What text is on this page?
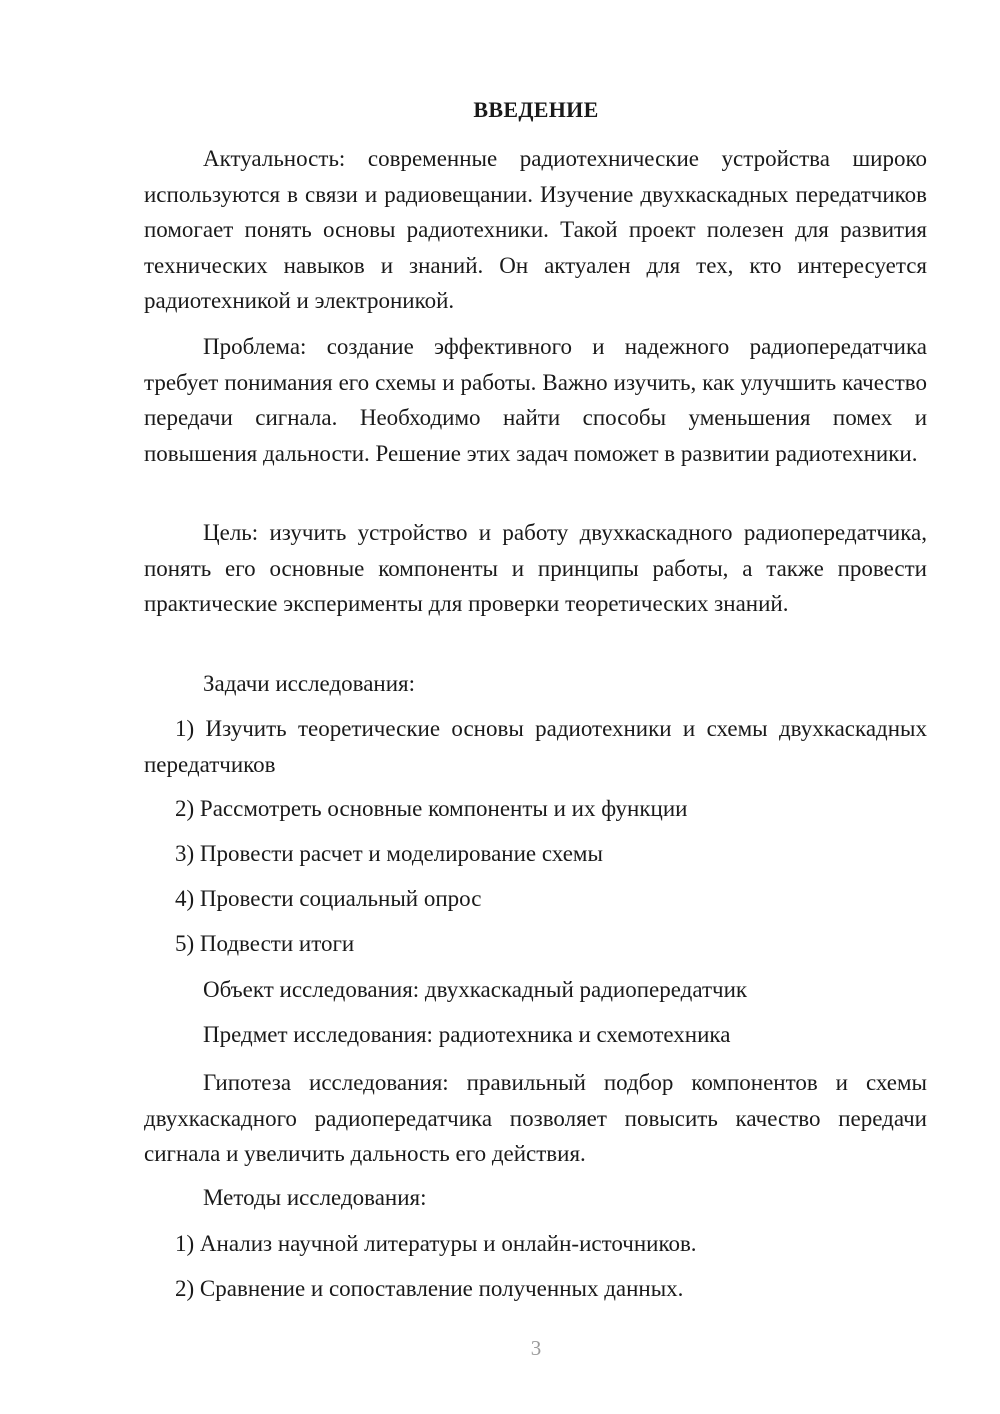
ВВЕДЕНИЕ

Актуальность: современные радиотехнические устройства широко используются в связи и радиовещании. Изучение двухкаскадных передатчиков помогает понять основы радиотехники. Такой проект полезен для развития технических навыков и знаний. Он актуален для тех, кто интересуется радиотехникой и электроникой.

Проблема: создание эффективного и надежного радиопередатчика требует понимания его схемы и работы. Важно изучить, как улучшить качество передачи сигнала. Необходимо найти способы уменьшения помех и повышения дальности. Решение этих задач поможет в развитии радиотехники.

Цель: изучить устройство и работу двухкаскадного радиопередатчика, понять его основные компоненты и принципы работы, а также провести практические эксперименты для проверки теоретических знаний.

Задачи исследования:

1) Изучить теоретические основы радиотехники и схемы двухкаскадных передатчиков

2) Рассмотреть основные компоненты и их функции

3) Провести расчет и моделирование схемы

4) Провести социальный опрос

5) Подвести итоги

Объект исследования: двухкаскадный радиопередатчик

Предмет исследования: радиотехника и схемотехника

Гипотеза исследования: правильный подбор компонентов и схемы двухкаскадного радиопередатчика позволяет повысить качество передачи сигнала и увеличить дальность его действия.

Методы исследования:

1) Анализ научной литературы и онлайн-источников.

2) Сравнение и сопоставление полученных данных.

3
